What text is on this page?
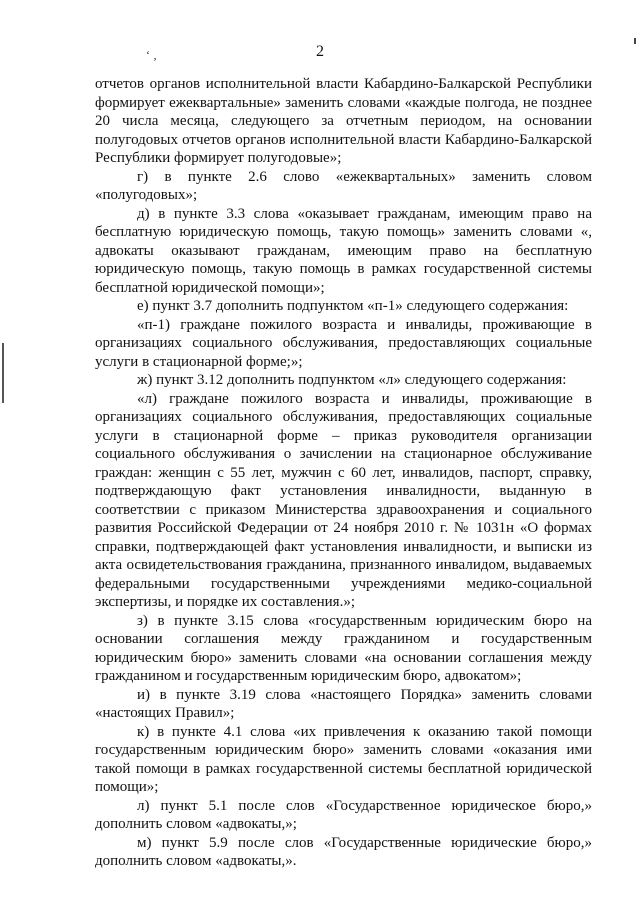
‘ ‚	2

отчетов органов исполнительной власти Кабардино-Балкарской Республики формирует ежеквартальные» заменить словами «каждые полгода, не позднее 20 числа месяца, следующего за отчетным периодом, на основании полугодовых отчетов органов исполнительной власти Кабардино-Балкарской Республики формирует полугодовые»;

г) в пункте 2.6 слово «ежеквартальных» заменить словом «полугодовых»;

д) в пункте 3.3 слова «оказывает гражданам, имеющим право на бесплатную юридическую помощь, такую помощь» заменить словами «, адвокаты оказывают гражданам, имеющим право на бесплатную юридическую помощь, такую помощь в рамках государственной системы бесплатной юридической помощи»;

е) пункт 3.7 дополнить подпунктом «п-1» следующего содержания:

«п-1) граждане пожилого возраста и инвалиды, проживающие в организациях социального обслуживания, предоставляющих социальные услуги в стационарной форме;»;

ж) пункт 3.12 дополнить подпунктом «л» следующего содержания:

«л) граждане пожилого возраста и инвалиды, проживающие в организациях социального обслуживания, предоставляющих социальные услуги в стационарной форме – приказ руководителя организации социального обслуживания о зачислении на стационарное обслуживание граждан: женщин с 55 лет, мужчин с 60 лет, инвалидов, паспорт, справку, подтверждающую факт установления инвалидности, выданную в соответствии с приказом Министерства здравоохранения и социального развития Российской Федерации от 24 ноября 2010 г. № 1031н «О формах справки, подтверждающей факт установления инвалидности, и выписки из акта освидетельствования гражданина, признанного инвалидом, выдаваемых федеральными государственными учреждениями медико-социальной экспертизы, и порядке их составления.»;

з) в пункте 3.15 слова «государственным юридическим бюро на основании соглашения между гражданином и государственным юридическим бюро» заменить словами «на основании соглашения между гражданином и государственным юридическим бюро, адвокатом»;

и) в пункте 3.19 слова «настоящего Порядка» заменить словами «настоящих Правил»;

к) в пункте 4.1 слова «их привлечения к оказанию такой помощи государственным юридическим бюро» заменить словами «оказания ими такой помощи в рамках государственной системы бесплатной юридической помощи»;

л) пункт 5.1 после слов «Государственное юридическое бюро,» дополнить словом «адвокаты,»;

м) пункт 5.9 после слов «Государственные юридические бюро,» дополнить словом «адвокаты,».
